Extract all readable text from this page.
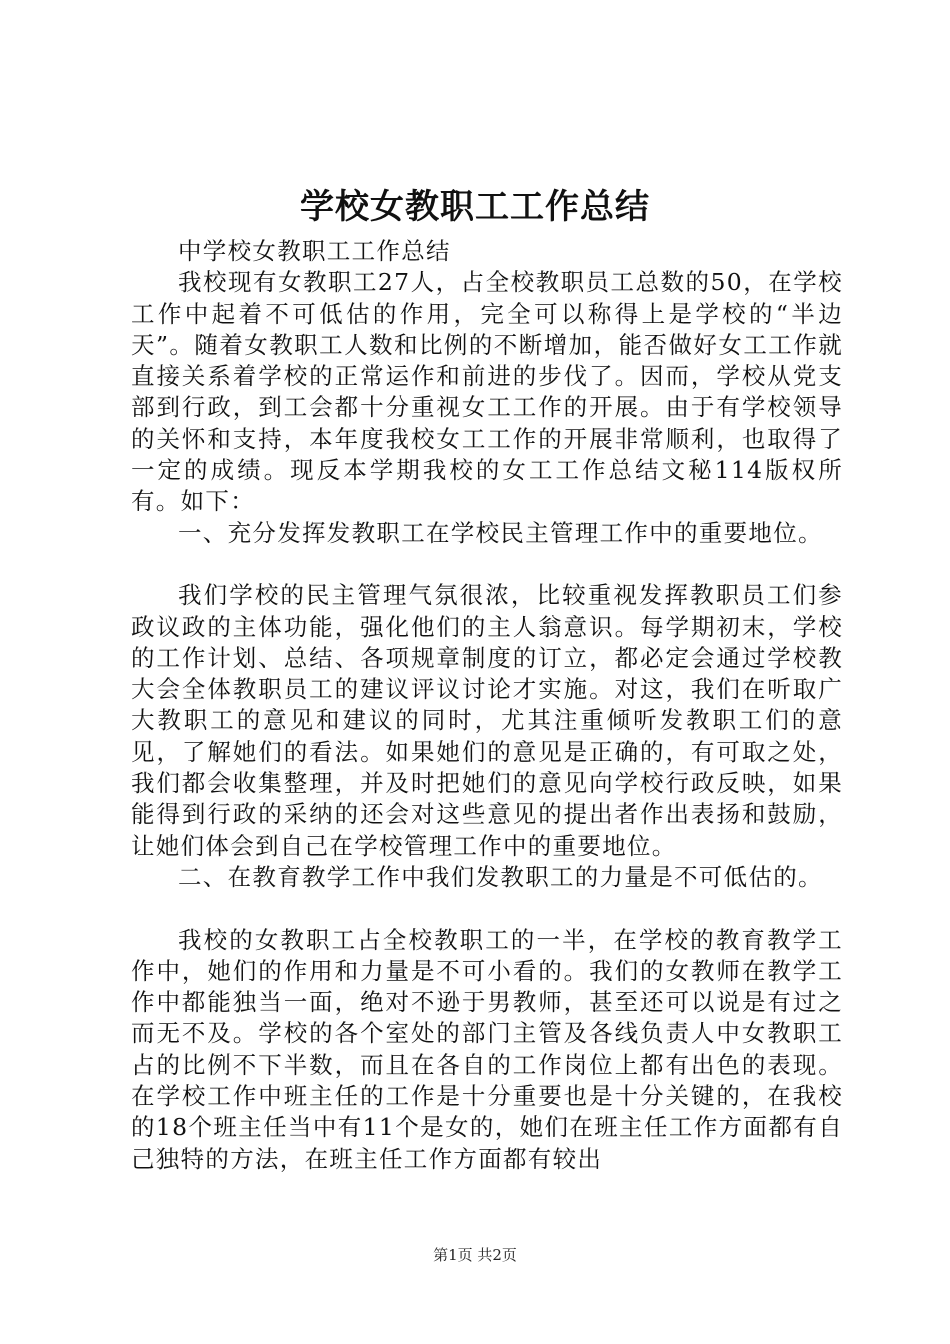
学校女教职工工作总结

中学校女教职工工作总结

我校现有女教职工27人，占全校教职员工总数的50，在学校工作中起着不可低估的作用，完全可以称得上是学校的“半边天”。随着女教职工人数和比例的不断增加，能否做好女工工作就直接关系着学校的正常运作和前进的步伐了。因而，学校从党支部到行政，到工会都十分重视女工工作的开展。由于有学校领导的关怀和支持，本年度我校女工工作的开展非常顺利，也取得了一定的成绩。现反本学期我校的女工工作总结文秘114版权所有。如下：

一、充分发挥发教职工在学校民主管理工作中的重要地位。

我们学校的民主管理气氛很浓，比较重视发挥教职员工们参政议政的主体功能，强化他们的主人翁意识。每学期初末，学校的工作计划、总结、各项规章制度的订立，都必定会通过学校教大会全体教职员工的建议评议讨论才实施。对这，我们在听取广大教职工的意见和建议的同时，尤其注重倾听发教职工们的意见，了解她们的看法。如果她们的意见是正确的，有可取之处，我们都会收集整理，并及时把她们的意见向学校行政反映，如果能得到行政的采纳的还会对这些意见的提出者作出表扬和鼓励，让她们体会到自己在学校管理工作中的重要地位。

二、在教育教学工作中我们发教职工的力量是不可低估的。

我校的女教职工占全校教职工的一半，在学校的教育教学工作中，她们的作用和力量是不可小看的。我们的女教师在教学工作中都能独当一面，绝对不逊于男教师，甚至还可以说是有过之而无不及。学校的各个室处的部门主管及各线负责人中女教职工占的比例不下半数，而且在各自的工作岗位上都有出色的表现。在学校工作中班主任的工作是十分重要也是十分关键的，在我校的18个班主任当中有11个是女的，她们在班主任工作方面都有自己独特的方法，在班主任工作方面都有较出

第1页 共2页
